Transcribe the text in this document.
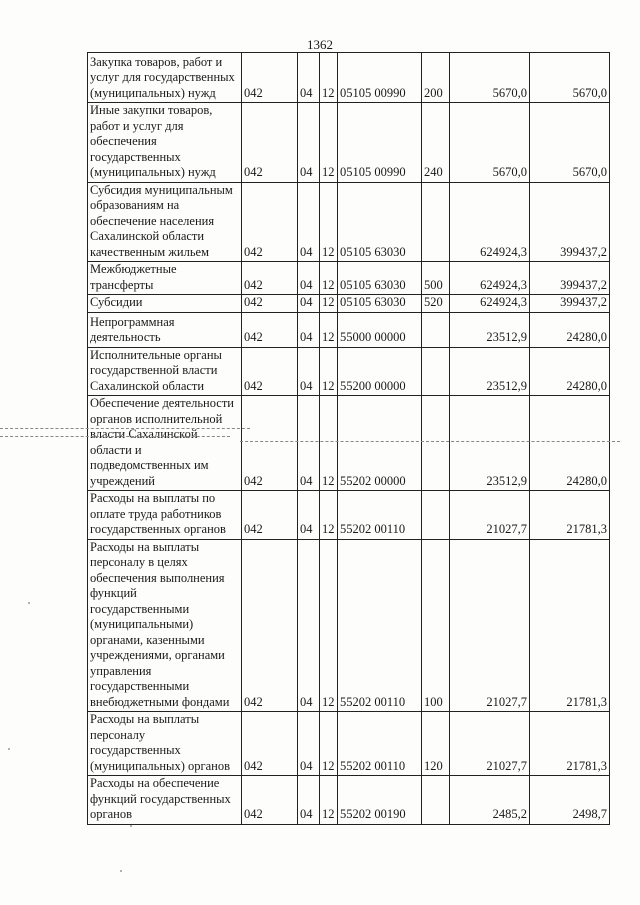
1362
Закупка товаров, работ и услуг для государственных (муниципальных) нужд	042	04	12	05105 00990	200	5670,0	5670,0
Иные закупки товаров, работ и услуг для обеспечения государственных (муниципальных) нужд	042	04	12	05105 00990	240	5670,0	5670,0
Субсидия муниципальным образованиям на обеспечение населения Сахалинской области качественным жильем	042	04	12	05105 63030		624924,3	399437,2
Межбюджетные трансферты	042	04	12	05105 63030	500	624924,3	399437,2
Субсидии	042	04	12	05105 63030	520	624924,3	399437,2
Непрограммная деятельность	042	04	12	55000 00000		23512,9	24280,0
Исполнительные органы государственной власти Сахалинской области	042	04	12	55200 00000		23512,9	24280,0
Обеспечение деятельности органов исполнительной власти Сахалинской области и подведомственных им учреждений	042	04	12	55202 00000		23512,9	24280,0
Расходы на выплаты по оплате труда работников государственных органов	042	04	12	55202 00110		21027,7	21781,3
Расходы на выплаты персоналу в целях обеспечения выполнения функций государственными (муниципальными) органами, казенными учреждениями, органами управления государственными внебюджетными фондами	042	04	12	55202 00110	100	21027,7	21781,3
Расходы на выплаты персоналу государственных (муниципальных) органов	042	04	12	55202 00110	120	21027,7	21781,3
Расходы на обеспечение функций государственных органов	042	04	12	55202 00190		2485,2	2498,7
